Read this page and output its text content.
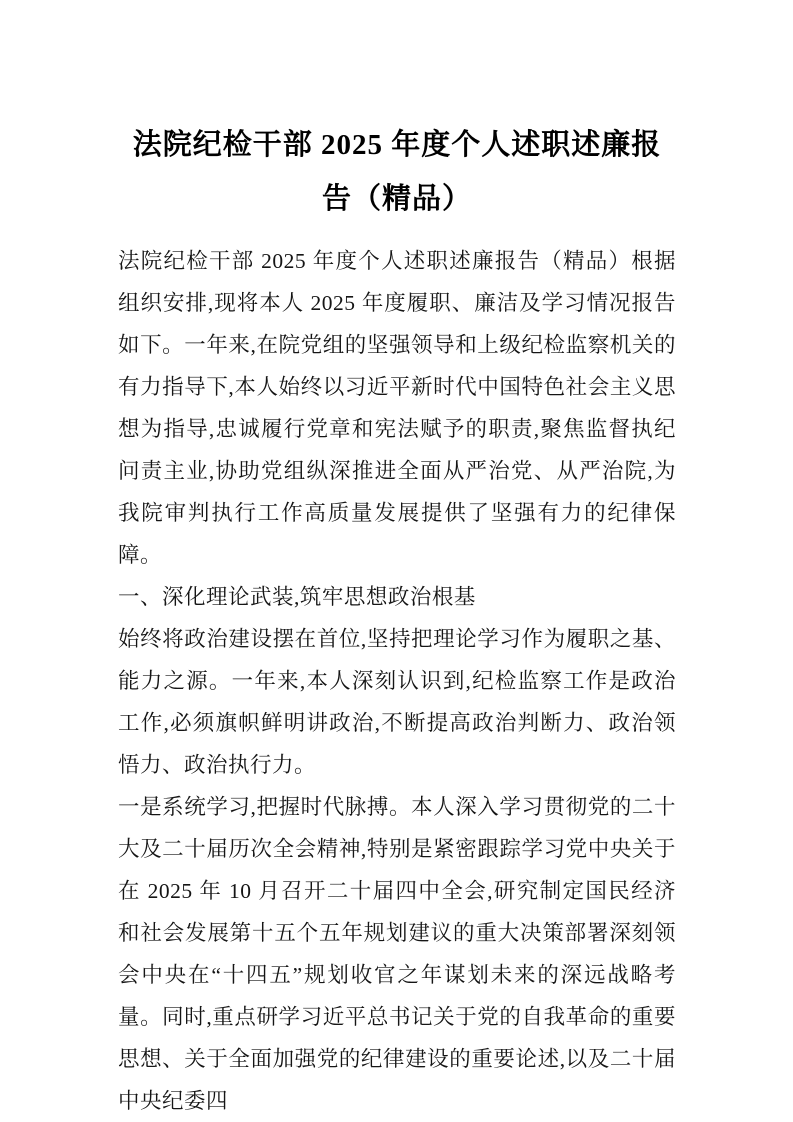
法院纪检干部 2025 年度个人述职述廉报告（精品）

法院纪检干部 2025 年度个人述职述廉报告（精品）根据组织安排,现将本人 2025 年度履职、廉洁及学习情况报告如下。一年来,在院党组的坚强领导和上级纪检监察机关的有力指导下,本人始终以习近平新时代中国特色社会主义思想为指导,忠诚履行党章和宪法赋予的职责,聚焦监督执纪问责主业,协助党组纵深推进全面从严治党、从严治院,为我院审判执行工作高质量发展提供了坚强有力的纪律保障。

一、深化理论武装,筑牢思想政治根基

始终将政治建设摆在首位,坚持把理论学习作为履职之基、能力之源。一年来,本人深刻认识到,纪检监察工作是政治工作,必须旗帜鲜明讲政治,不断提高政治判断力、政治领悟力、政治执行力。

一是系统学习,把握时代脉搏。本人深入学习贯彻党的二十大及二十届历次全会精神,特别是紧密跟踪学习党中央关于在 2025 年 10 月召开二十届四中全会,研究制定国民经济和社会发展第十五个五年规划建议的重大决策部署深刻领会中央在“十四五”规划收官之年谋划未来的深远战略考量。同时,重点研学习近平总书记关于党的自我革命的重要思想、关于全面加强党的纪律建设的重要论述,以及二十届中央纪委四
